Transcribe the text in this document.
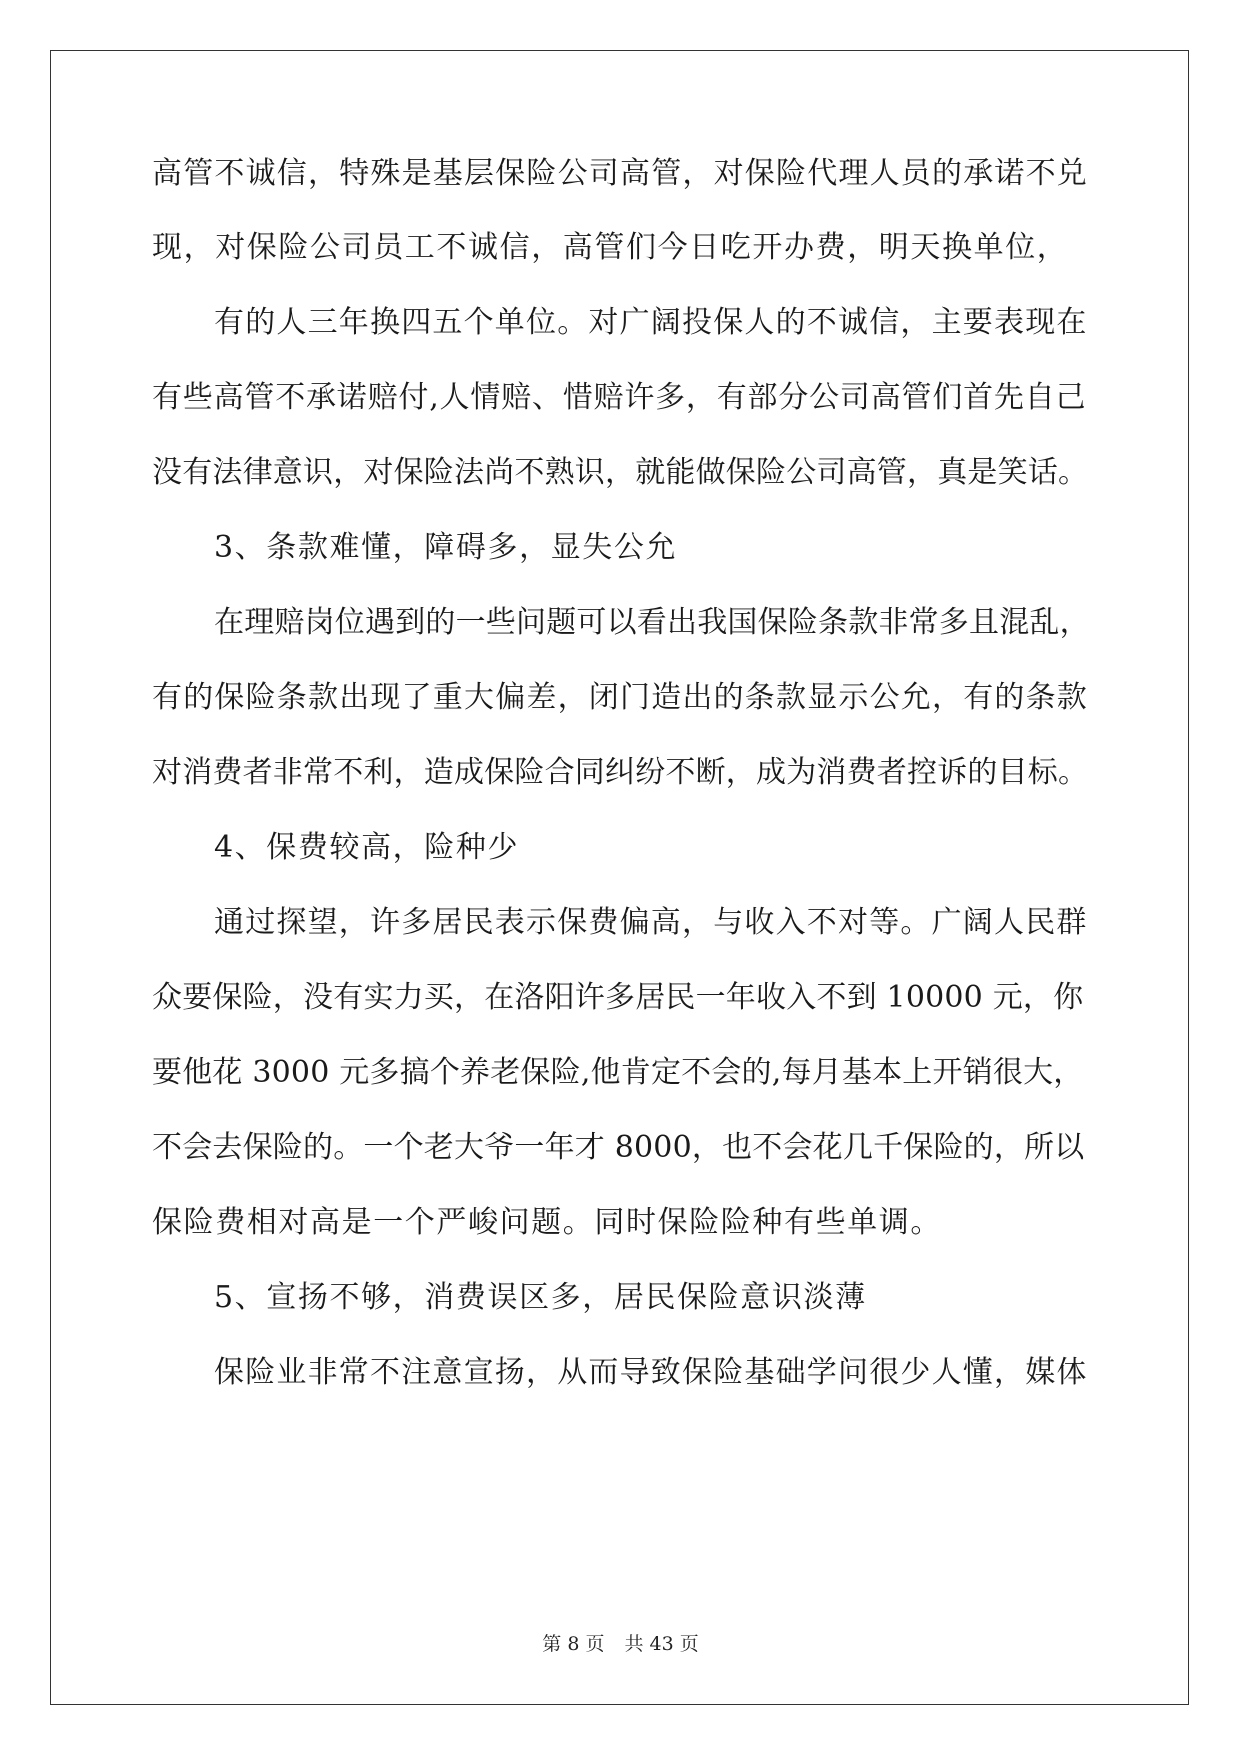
高管不诚信，特殊是基层保险公司高管，对保险代理人员的承诺不兑
现，对保险公司员工不诚信，高管们今日吃开办费，明天换单位，
有的人三年换四五个单位。对广阔投保人的不诚信，主要表现在
有些高管不承诺赔付,人情赔、惜赔许多，有部分公司高管们首先自己
没有法律意识，对保险法尚不熟识，就能做保险公司高管，真是笑话。
3、条款难懂，障碍多，显失公允
在理赔岗位遇到的一些问题可以看出我国保险条款非常多且混乱，
有的保险条款出现了重大偏差，闭门造出的条款显示公允，有的条款
对消费者非常不利，造成保险合同纠纷不断，成为消费者控诉的目标。
4、保费较高，险种少
通过探望，许多居民表示保费偏高，与收入不对等。广阔人民群
众要保险，没有实力买，在洛阳许多居民一年收入不到 10000 元，你
要他花 3000 元多搞个养老保险,他肯定不会的,每月基本上开销很大，
不会去保险的。一个老大爷一年才 8000，也不会花几千保险的，所以
保险费相对高是一个严峻问题。同时保险险种有些单调。
5、宣扬不够，消费误区多，居民保险意识淡薄
保险业非常不注意宣扬，从而导致保险基础学问很少人懂，媒体
第 8 页 共 43 页
